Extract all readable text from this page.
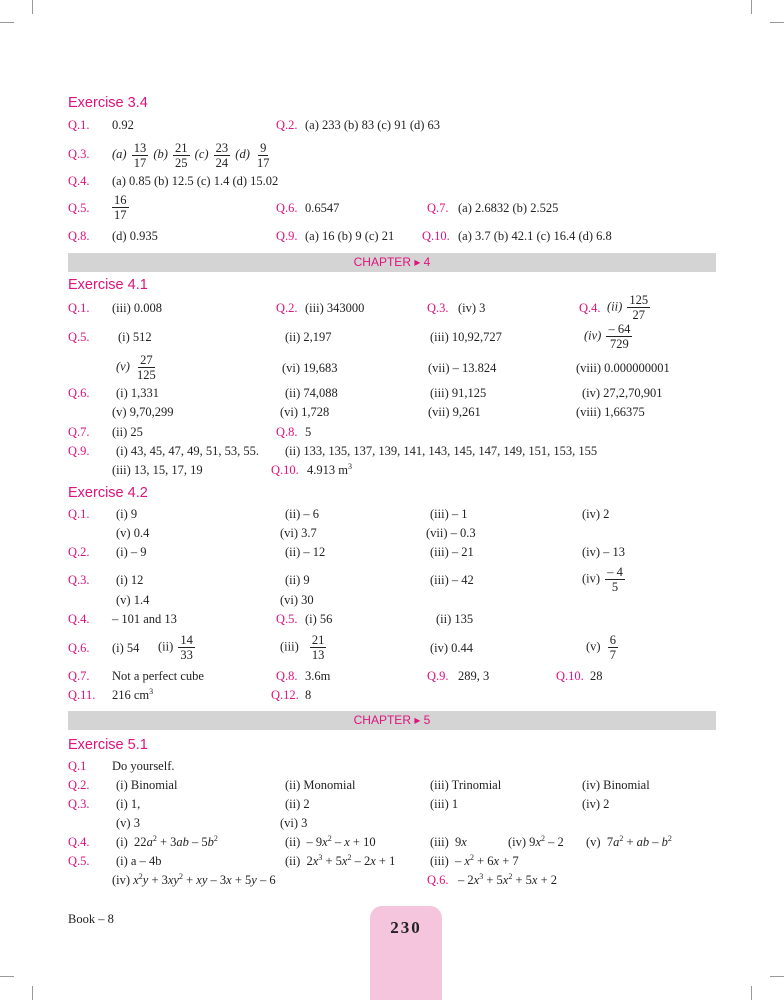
Exercise 3.4
Q.1. 0.92	Q.2. (a) 233 (b) 83 (c) 91 (d) 63
Q.3. $(a) \frac{13}{17} (b) \frac{21}{25} (c) \frac{23}{24} (d) \frac{9}{17}$
Q.4. (a) 0.85 (b) 12.5 (c) 1.4 (d) 15.02
Q.5. $\frac{16}{17}$	Q.6. 0.6547	Q.7. (a) 2.6832 (b) 2.525
Q.8. (d) 0.935	Q.9. (a) 16 (b) 9 (c) 21 Q.10. (a) 3.7 (b) 42.1 (c) 16.4 (d) 6.8
CHAPTER ▸ 4
Exercise 4.1
Q.1. (iii) 0.008	Q.2. (iii) 343000	Q.3. (iv) 3	Q.4. $(ii) \frac{125}{27}$
Q.5. (i) 512	(ii) 2,197	(iii) 10,92,727	$(iv) \frac{- 64}{729}$
$(v) \frac{27}{125}$	(vi) 19,683	(vii) – 13.824	(viii) 0.000000001
Q.6. (i) 1,331	(ii) 74,088	(iii) 91,125	(iv) 27,2,70,901
(v) 9,70,299	(vi) 1,728	(vii) 9,261	(viii) 1,66375
Q.7. (ii) 25	Q.8. 5
Q.9. (i) 43, 45, 47, 49, 51, 53, 55. (ii) 133, 135, 137, 139, 141, 143, 145, 147, 149, 151, 153, 155
(iii) 13, 15, 17, 19	Q.10. 4.913 $m^3$
Exercise 4.2
Q.1. (i) 9	(ii) – 6	(iii) – 1	(iv) 2
(v) 0.4	(vi) 3.7	(vii) – 0.3
Q.2. (i) – 9	(ii) – 12	(iii) – 21	(iv) – 13
Q.3. (i) 12	(ii) 9	(iii) – 42	$(iv) \frac{- 4}{5}$
(v) 1.4	(vi) 30
Q.4. – 101 and 13	Q.5. (i) 56	(ii) 135
Q.6. (i) 54 $(ii) \frac{14}{33}$	$(iii) \frac{21}{13}$	(iv) 0.44	$(v) \frac{6}{7}$
Q.7. Not a perfect cube	Q.8. 3.6m	Q.9. 289, 3	Q.10. 28
Q.11. 216 $cm^3$	Q.12. 8
CHAPTER ▸ 5
Exercise 5.1
Q.1 Do yourself.
Q.2. (i) Binomial	(ii) Monomial	(iii) Trinomial	(iv) Binomial
Q.3. (i) 1,	(ii) 2	(iii) 1	(iv) 2
(v) 3	(vi) 3
Q.4. (i)  $22a^2 + 3ab - 5b^2$	$(ii) - 9x^2 - x + 10$	(iii)  9x	(iv) $9x^2 - 2$ (v)  $7a^2$ + ab – $b^2$
Q.5. (i) a – 4b	(ii)  $2x^3 + 5x^2 - 2x + 1$	$(iii) - x^2 + 6x + 7$
(iv) $x^2y + 3xy^2$ + xy – 3x + 5y – 6	Q.6. – $2x^3 + 5x^2 + 5x + 2$
Book – 8	230
